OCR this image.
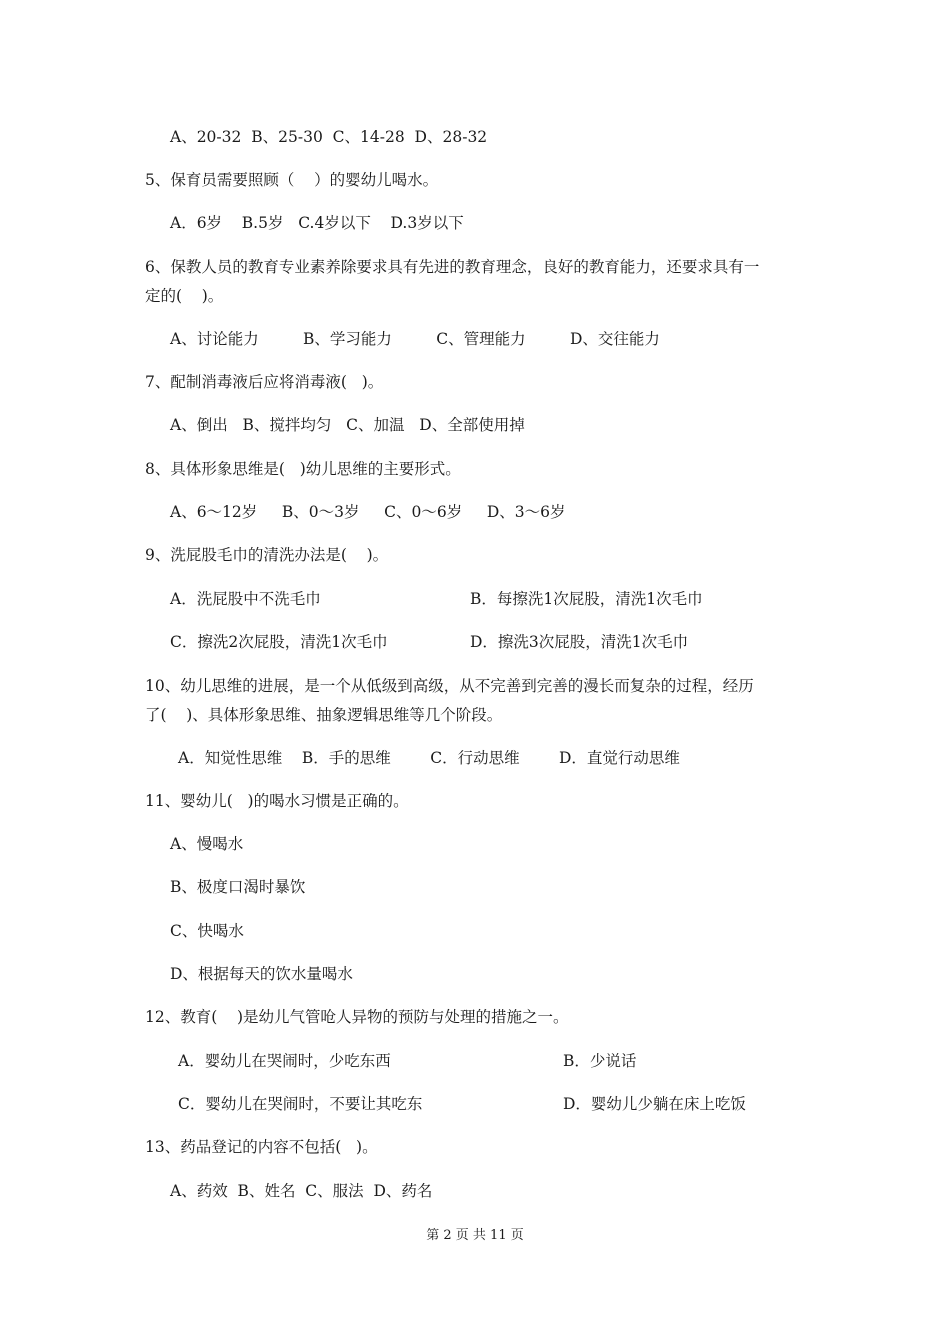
A、20-32  B、25-30  C、14-28  D、28-32
5、保育员需要照顾（    ）的婴幼儿喝水。
A．6岁    B.5岁   C.4岁以下    D.3岁以下
6、保教人员的教育专业素养除要求具有先进的教育理念，良好的教育能力，还要求具有一
定的(    )。
A、讨论能力         B、学习能力         C、管理能力         D、交往能力
7、配制消毒液后应将消毒液(   )。
A、倒出   B、搅拌均匀   C、加温   D、全部使用掉
8、具体形象思维是(   )幼儿思维的主要形式。
A、6～12岁     B、0～3岁     C、0～6岁     D、3～6岁
9、洗屁股毛巾的清洗办法是(    )。
A．洗屁股中不洗毛巾	B．每擦洗1次屁股，清洗1次毛巾
C．擦洗2次屁股，清洗1次毛巾	D．擦洗3次屁股，清洗1次毛巾
10、幼儿思维的进展，是一个从低级到高级，从不完善到完善的漫长而复杂的过程，经历
了(    )、具体形象思维、抽象逻辑思维等几个阶段。
A．知觉性思维    B．手的思维        C．行动思维        D．直觉行动思维
11、婴幼儿(   )的喝水习惯是正确的。
A、慢喝水
B、极度口渴时暴饮
C、快喝水
D、根据每天的饮水量喝水
12、教育(    )是幼儿气管呛人异物的预防与处理的措施之一。
A．婴幼儿在哭闹时，少吃东西	B．少说话
C．婴幼儿在哭闹时，不要让其吃东	D．婴幼儿少躺在床上吃饭
13、药品登记的内容不包括(   )。
A、药效  B、姓名  C、服法  D、药名
第 2 页 共 11 页
